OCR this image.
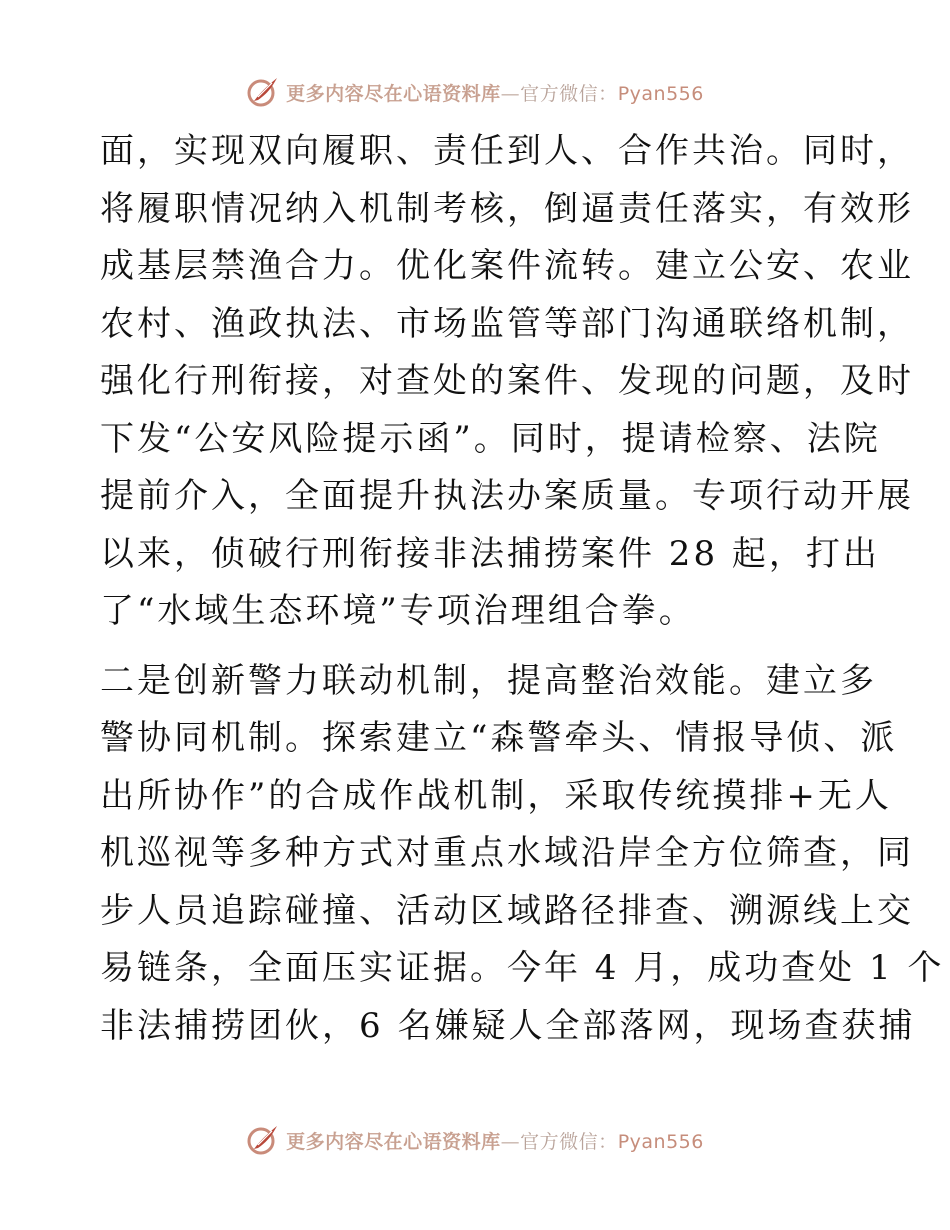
更多内容尽在心语资料库—官方微信：Pyan556
面，实现双向履职、责任到人、合作共治。同时，
将履职情况纳入机制考核，倒逼责任落实，有效形
成基层禁渔合力。优化案件流转。建立公安、农业
农村、渔政执法、市场监管等部门沟通联络机制，
强化行刑衔接，对查处的案件、发现的问题，及时
下发“公安风险提示函”。同时，提请检察、法院
提前介入，全面提升执法办案质量。专项行动开展
以来，侦破行刑衔接非法捕捞案件 28 起，打出
了“水域生态环境”专项治理组合拳。
二是创新警力联动机制，提高整治效能。建立多
警协同机制。探索建立“森警牵头、情报导侦、派
出所协作”的合成作战机制，采取传统摸排+无人
机巡视等多种方式对重点水域沿岸全方位筛查，同
步人员追踪碰撞、活动区域路径排查、溯源线上交
易链条，全面压实证据。今年 4 月，成功查处 1 个
非法捕捞团伙，6 名嫌疑人全部落网，现场查获捕
更多内容尽在心语资料库—官方微信：Pyan556
